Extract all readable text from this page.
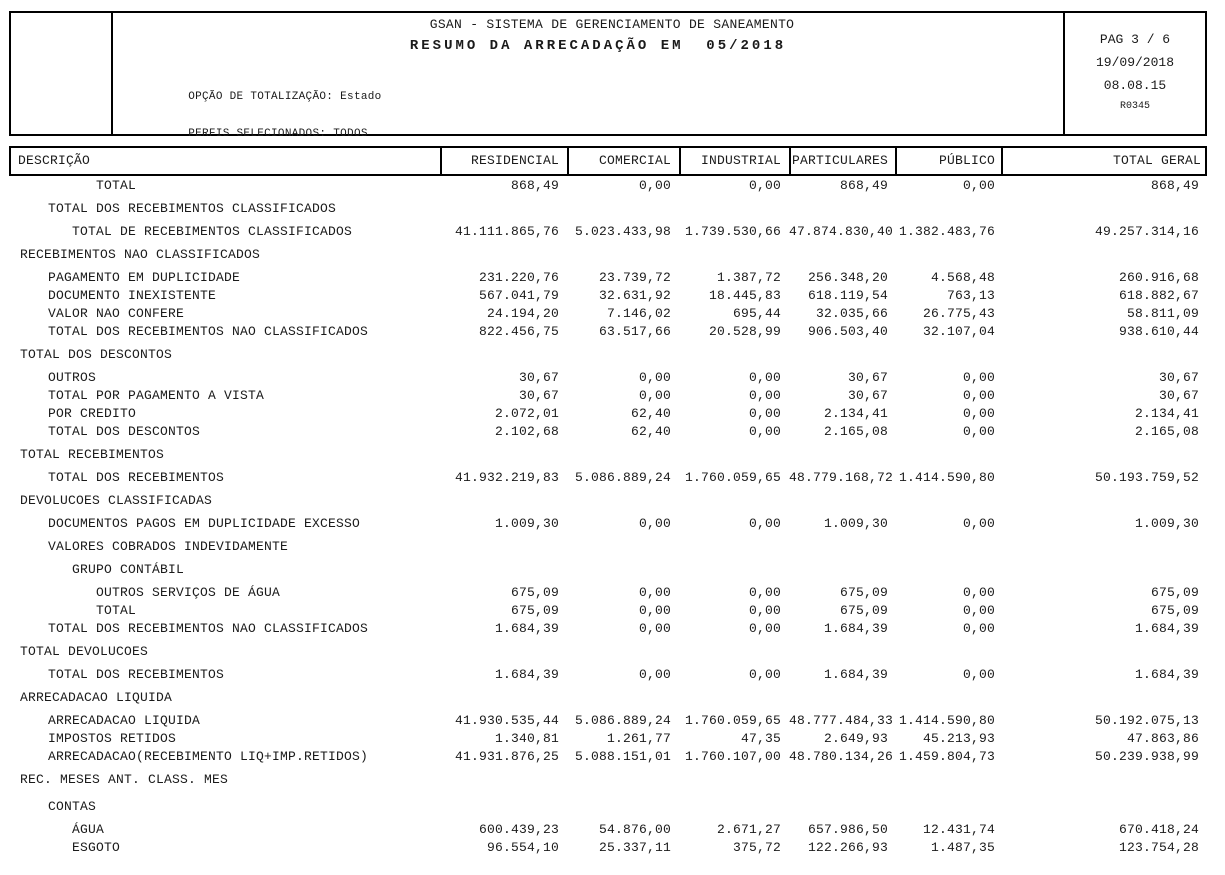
GSAN - SISTEMA DE GERENCIAMENTO DE SANEAMENTO
RESUMO DA ARRECADAÇÃO EM  05/2018

OPÇÃO DE TOTALIZAÇÃO: Estado

PERFIS SELECIONADOS: TODOS

PAG 3 / 6
19/09/2018
08.08.15
R0345
DESCRIÇÃO	RESIDENCIAL	COMERCIAL	INDUSTRIAL PARTICULARES	PÚBLICO	TOTAL GERAL
TOTAL	868,49	0,00	0,00	868,49	0,00	868,49
TOTAL DOS RECEBIMENTOS CLASSIFICADOS
TOTAL DE RECEBIMENTOS CLASSIFICADOS	41.111.865,76	5.023.433,98	1.739.530,66 47.874.830,40 1.382.483,76	49.257.314,16
RECEBIMENTOS NAO CLASSIFICADOS
PAGAMENTO EM DUPLICIDADE	231.220,76	23.739,72	1.387,72	256.348,20	4.568,48	260.916,68
DOCUMENTO INEXISTENTE	567.041,79	32.631,92	18.445,83	618.119,54	763,13	618.882,67
VALOR NAO CONFERE	24.194,20	7.146,02	695,44	32.035,66	26.775,43	58.811,09
TOTAL DOS RECEBIMENTOS NAO CLASSIFICADOS	822.456,75	63.517,66	20.528,99	906.503,40	32.107,04	938.610,44
TOTAL DOS DESCONTOS
OUTROS	30,67	0,00	0,00	30,67	0,00	30,67
TOTAL POR PAGAMENTO A VISTA	30,67	0,00	0,00	30,67	0,00	30,67
POR CREDITO	2.072,01	62,40	0,00	2.134,41	0,00	2.134,41
TOTAL DOS DESCONTOS	2.102,68	62,40	0,00	2.165,08	0,00	2.165,08
TOTAL RECEBIMENTOS
TOTAL DOS RECEBIMENTOS	41.932.219,83	5.086.889,24	1.760.059,65 48.779.168,72 1.414.590,80	50.193.759,52
DEVOLUCOES CLASSIFICADAS
DOCUMENTOS PAGOS EM DUPLICIDADE EXCESSO	1.009,30	0,00	0,00	1.009,30	0,00	1.009,30
VALORES COBRADOS INDEVIDAMENTE
GRUPO CONTÁBIL
OUTROS SERVIÇOS DE ÁGUA	675,09	0,00	0,00	675,09	0,00	675,09
TOTAL	675,09	0,00	0,00	675,09	0,00	675,09
TOTAL DOS RECEBIMENTOS NAO CLASSIFICADOS	1.684,39	0,00	0,00	1.684,39	0,00	1.684,39
TOTAL DEVOLUCOES
TOTAL DOS RECEBIMENTOS	1.684,39	0,00	0,00	1.684,39	0,00	1.684,39
ARRECADACAO LIQUIDA
ARRECADACAO LIQUIDA	41.930.535,44	5.086.889,24	1.760.059,65 48.777.484,33 1.414.590,80	50.192.075,13
IMPOSTOS RETIDOS	1.340,81	1.261,77	47,35	2.649,93	45.213,93	47.863,86
ARRECADACAO(RECEBIMENTO LIQ+IMP.RETIDOS)	41.931.876,25	5.088.151,01	1.760.107,00 48.780.134,26 1.459.804,73	50.239.938,99
REC. MESES ANT. CLASS. MES
CONTAS
ÁGUA	600.439,23	54.876,00	2.671,27	657.986,50	12.431,74	670.418,24
ESGOTO	96.554,10	25.337,11	375,72	122.266,93	1.487,35	123.754,28
